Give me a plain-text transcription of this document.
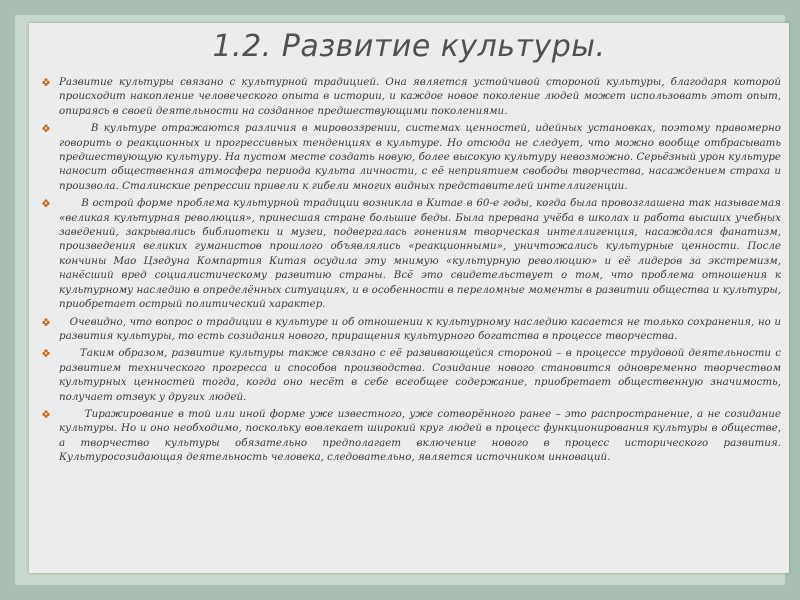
1.2. Развитие культуры.

Развитие культуры связано с культурной традицией. Она является устойчивой стороной культуры, благодаря которой происходит накопление человеческого опыта в истории, и каждое новое поколение людей может использовать этот опыт, опираясь в своей деятельности на созданное предшествующими поколениями.

В культуре отражаются различия в мировоззрении, системах ценностей, идейных установках, поэтому правомерно говорить о реакционных и прогрессивных тенденциях в культуре. Но отсюда не следует, что можно вообще отбрасывать предшествующую культуру. На пустом месте создать новую, более высокую культуру невозможно. Серьёзный урон культуре наносит общественная атмосфера периода культа личности, с её неприятием свободы творчества, насаждением страха и произвола. Сталинские репрессии привели к гибели многих видных представителей интеллигенции.

В острой форме проблема культурной традиции возникла в Китае в 60-е годы, когда была провозглашена так называемая «великая культурная революция», принесшая стране большие беды. Была прервана учёба в школах и работа высших учебных заведений, закрывались библиотеки и музеи, подвергалась гонениям творческая интеллигенция, насаждался фанатизм, произведения великих гуманистов прошлого объявлялись «реакционными», уничтожались культурные ценности. После кончины Мао Цзедуна Компартия Китая осудила эту мнимую «культурную революцию» и её лидеров за экстремизм, нанёсший вред социалистическому развитию страны. Всё это свидетельствует о том, что проблема отношения к культурному наследию в определённых ситуациях, и в особенности в переломные моменты в развитии общества и культуры, приобретает острый политический характер.

Очевидно, что вопрос о традиции в культуре и об отношении к культурному наследию касается не только сохранения, но и развития культуры, то есть созидания нового, приращения культурного богатства в процессе творчества.

Таким образом, развитие культуры также связано с её развивающейся стороной – в процессе трудовой деятельности с развитием технического прогресса и способов производства. Созидание нового становится одновременно творчеством культурных ценностей тогда, когда оно несёт в себе всеобщее содержание, приобретает общественную значимость, получает отзвук у других людей.

Тиражирование в той или иной форме уже известного, уже сотворённого ранее – это распространение, а не созидание культуры. Но и оно необходимо, поскольку вовлекает широкий круг людей в процесс функционирования культуры в обществе, а творчество культуры обязательно предполагает включение нового в процесс исторического развития. Культуросозидающая деятельность человека, следовательно, является источником инноваций.
